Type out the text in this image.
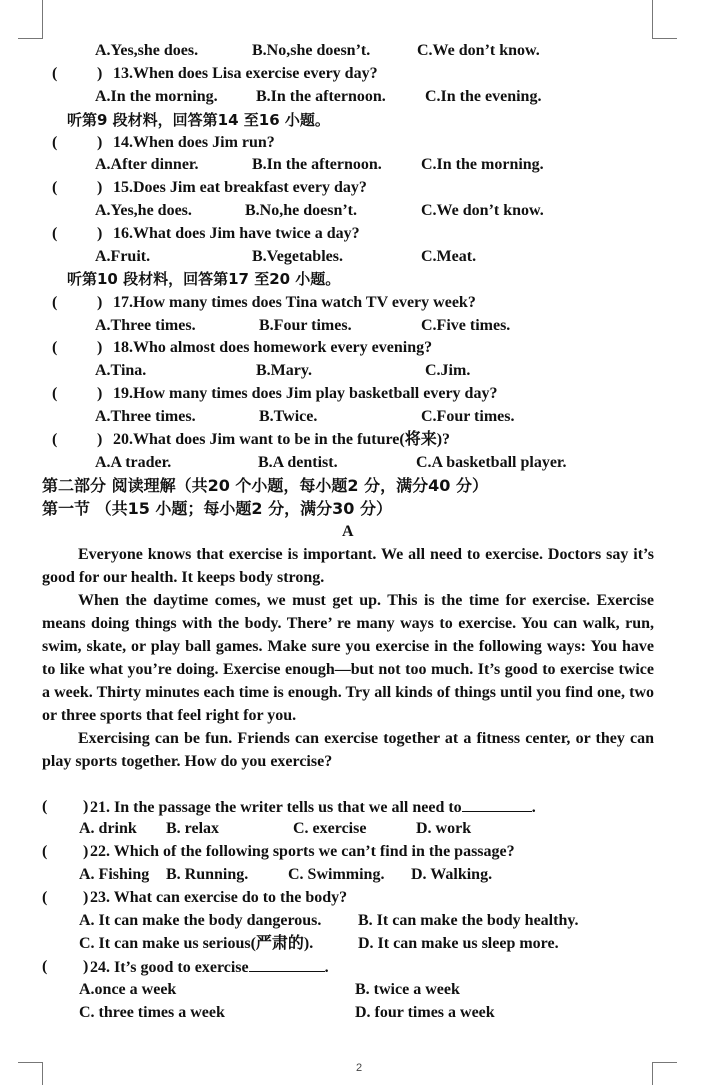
A.Yes,she does.	B.No,she doesn’t.	C.We don’t know.
( ) 13.When does Lisa exercise every day?
A.In the morning. B.In the afternoon. C.In the evening.
听第9 段材料，回答第14 至16 小题。
( ) 14.When does Jim run?
A.After dinner.	B.In the afternoon. C.In the morning.
( ) 15.Does Jim eat breakfast every day?
A.Yes,he does.	B.No,he doesn’t.	C.We don’t know.
( ) 16.What does Jim have twice a day?
A.Fruit.	B.Vegetables.	C.Meat.
听第10 段材料，回答第17 至20 小题。
( ) 17.How many times does Tina watch TV every week?
A.Three times.	B.Four times.	C.Five times.
( ) 18.Who almost does homework every evening?
A.Tina.	B.Mary.	C.Jim.
( ) 19.How many times does Jim play basketball every day?
A.Three times.	B.Twice.	C.Four times.
( ) 20.What does Jim want to be in the future(将来)?
A.A trader.	B.A dentist.	C.A basketball player.
第二部分 阅读理解（共20 个小题，每小题2 分，满分40 分）
第一节 （共15 小题；每小题2 分，满分30 分）
A

Everyone knows that exercise is important. We all need to exercise. Doctors say it’s good for our health. It keeps body strong.

When the daytime comes, we must get up. This is the time for exercise. Exercise means doing things with the body. There’ re many ways to exercise. You can walk, run, swim, skate, or play ball games. Make sure you exercise in the following ways: You have to like what you’re doing. Exercise enough—but not too much. It’s good to exercise twice a week. Thirty minutes each time is enough. Try all kinds of things until you find one, two or three sports that feel right for you.

Exercising can be fun. Friends can exercise together at a fitness center, or they can play sports together. How do you exercise?

( ) 21. In the passage the writer tells us that we all need to	.
A. drink B. relax	C. exercise	D. work
( ) 22. Which of the following sports we can’t find in the passage?
A. Fishing B. Running. C. Swimming. D. Walking.
( ) 23. What can exercise do to the body?
A. It can make the body dangerous. B. It can make the body healthy.
C. It can make us serious(严肃的).	D. It can make us sleep more.
( ) 24. It’s good to exercise	.
A.once a week	B. twice a week
C. three times a week	D. four times a week
2
